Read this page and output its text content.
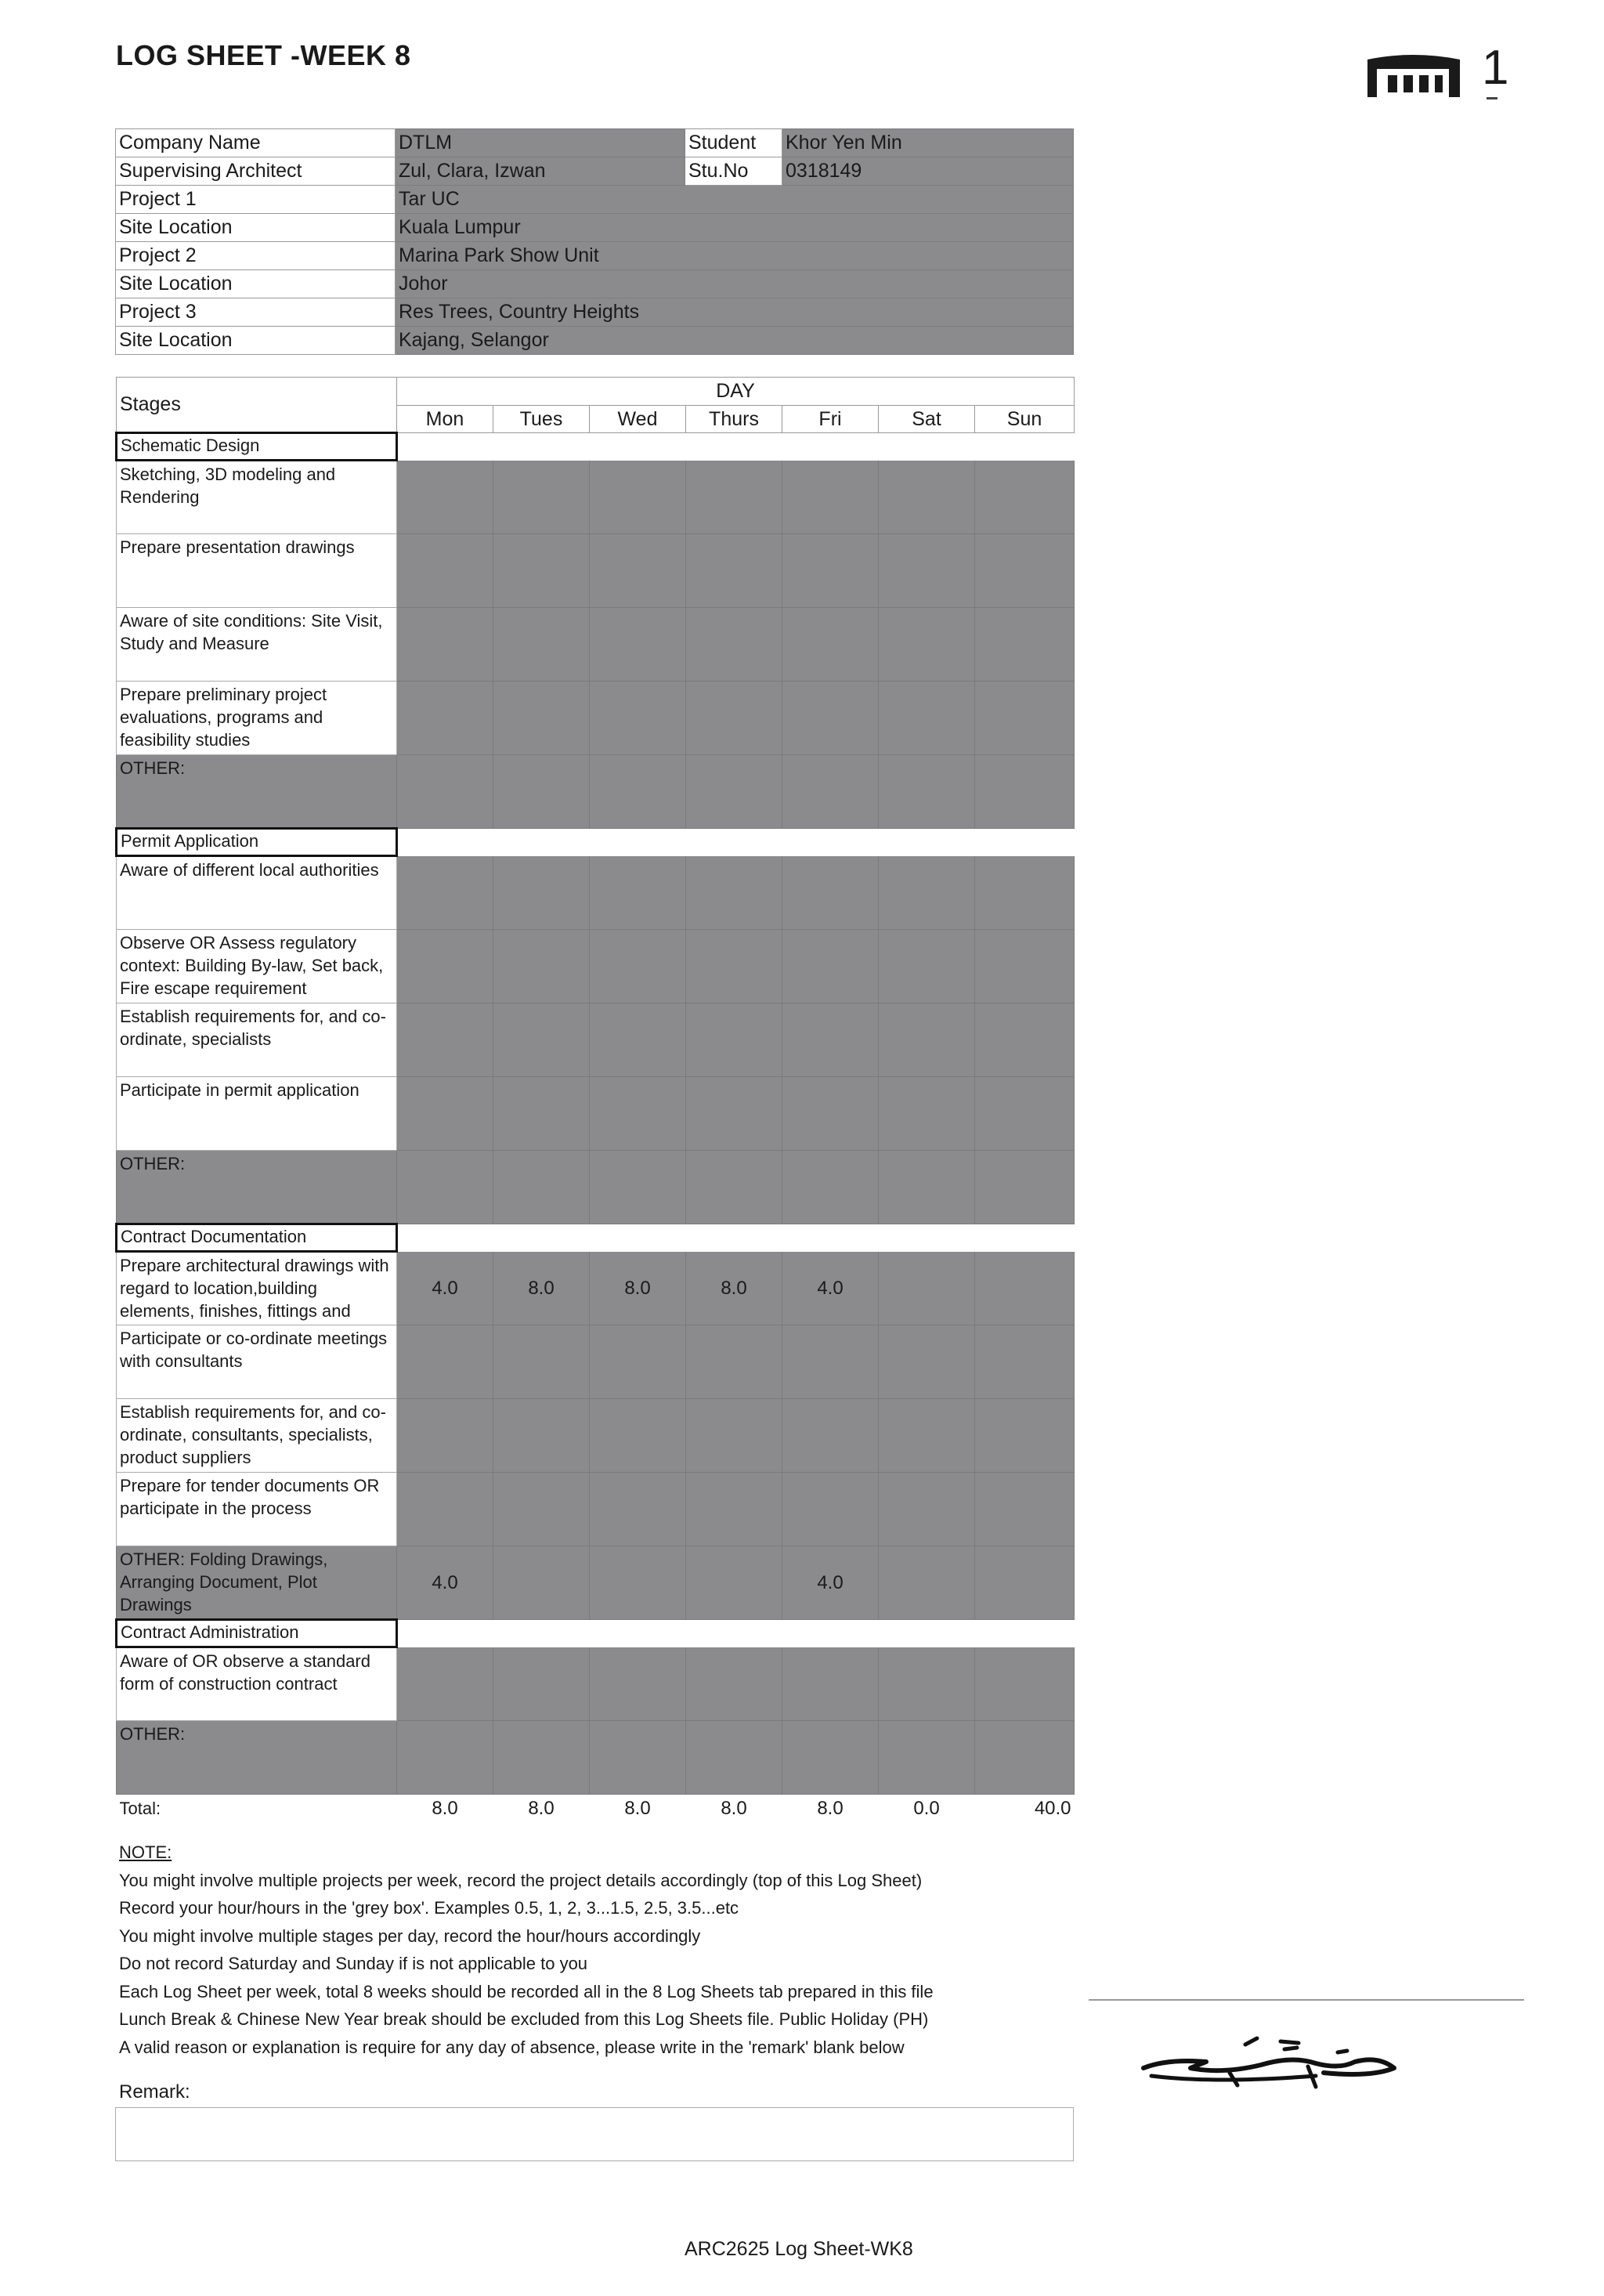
LOG SHEET -WEEK 8	1
Company Name	DTLM	Student	Khor Yen Min
Supervising Architect	Zul, Clara, Izwan	Stu.No	0318149
Project 1	Tar UC		
Site Location	Kuala Lumpur		
Project 2	Marina Park Show Unit		
Site Location	Johor		
Project 3	Res Trees, Country Heights		
Site Location	Kajang, Selangor		
Stages	DAY						
	Mon	Tues	Wed	Thurs	Fri	Sat	Sun
Schematic Design							
Sketching, 3D modeling and Rendering							
Prepare presentation drawings							
Aware of site conditions: Site Visit, Study and Measure							
Prepare preliminary project evaluations, programs and feasibility studies							
OTHER:							
Permit Application							
Aware of different local authorities							
Observe OR Assess regulatory context: Building By-law, Set back, Fire escape requirement							
Establish requirements for, and co-ordinate, specialists							
Participate in permit application							
OTHER:							
Contract Documentation							
Prepare architectural drawings with regard to location,building elements, finishes, fittings and	4.0	8.0	8.0	8.0	4.0		
Participate or co-ordinate meetings with consultants							
Establish requirements for, and co-ordinate, consultants, specialists, product suppliers							
Prepare for tender documents OR participate in the process							
OTHER: Folding Drawings, Arranging Document, Plot Drawings	4.0				4.0		
Contract Administration							
Aware of OR observe a standard form of construction contract							
OTHER:							
Total:	8.0	8.0	8.0	8.0	8.0	0.0	40.0
NOTE:
You might involve multiple projects per week, record the project details accordingly (top of this Log Sheet)
Record your hour/hours in the 'grey box'. Examples 0.5, 1, 2, 3...1.5, 2.5, 3.5...etc
You might involve multiple stages per day, record the hour/hours accordingly
Do not record Saturday and Sunday if is not applicable to you
Each Log Sheet per week, total 8 weeks should be recorded all in the 8 Log Sheets tab prepared in this file
Lunch Break & Chinese New Year break should be excluded from this Log Sheets file. Public Holiday (PH)
A valid reason or explanation is require for any day of absence, please write in the 'remark' blank below
Remark:
ARC2625 Log Sheet-WK8
